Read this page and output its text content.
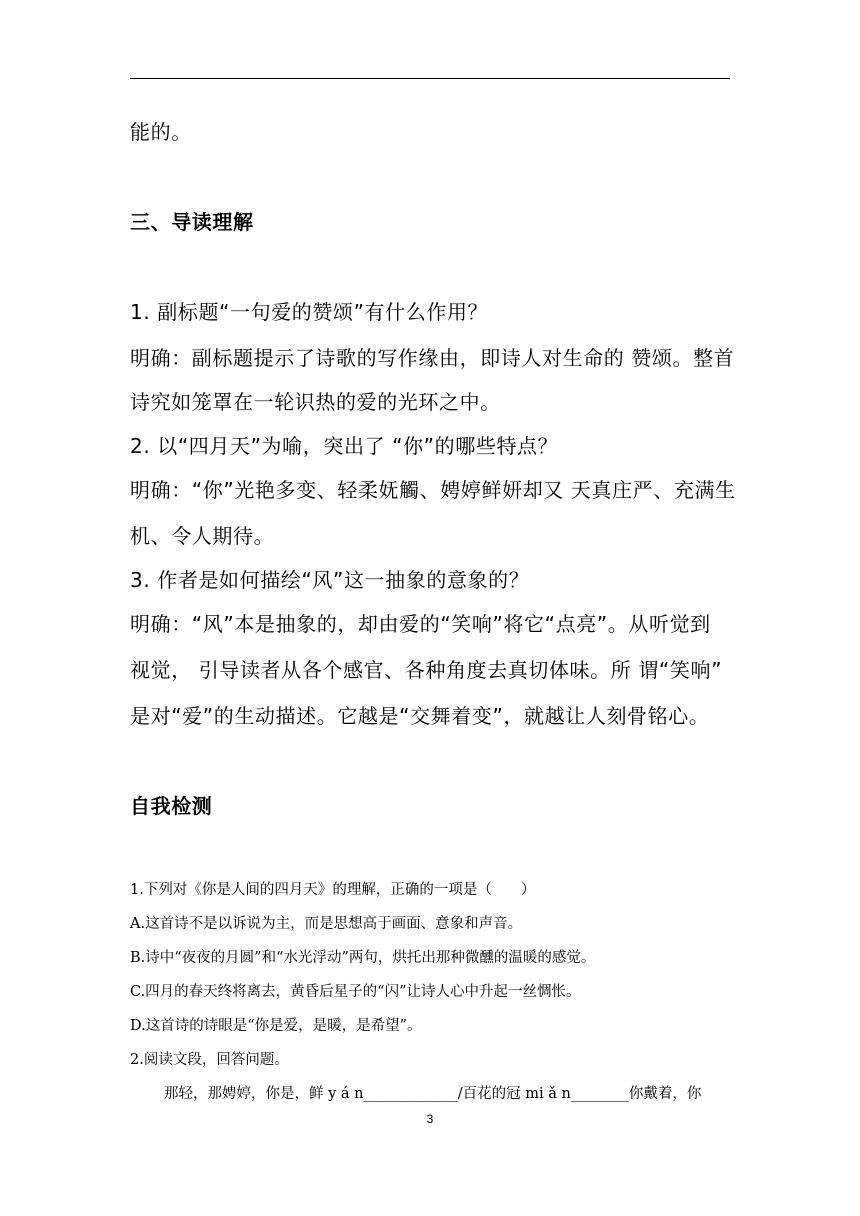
能的。
三、导读理解
1. 副标题“一句爱的赞颂”有什么作用？
明确：副标题提示了诗歌的写作缘由，即诗人对生命的 赞颂。整首
诗究如笼罩在一轮识热的爱的光环之中。
2. 以“四月天”为喻，突出了 “你”的哪些特点？
明确：“你”光艳多变、轻柔妩觸、娉婷鲜妍却又 天真庄严、充满生
机、令人期待。
3. 作者是如何描绘“风”这一抽象的意象的？
明确：“风”本是抽象的，却由爱的“笑响”将它“点亮”。从听觉到
视觉， 引导读者从各个感官、各种角度去真切体味。所 谓“笑响”
是对“爱”的生动描述。它越是“交舞着变”，就越让人刻骨铭心。
自我检测
1.下列对《你是人间的四月天》的理解，正确的一项是（　　）
A.这首诗不是以诉说为主，而是思想高于画面、意象和声音。
B.诗中“夜夜的月圆”和“水光浮动”两句，烘托出那种微醺的温暖的感觉。
C.四月的春天终将离去，黄昏后星子的“闪”让诗人心中升起一丝惆怅。
D.这首诗的诗眼是“你是爱，是暖，是希望”。
2.阅读文段，回答问题。
那轻，那娉婷，你是，鲜 y á n_____________/百花的冠 mi ǎ n________你戴着，你
3
